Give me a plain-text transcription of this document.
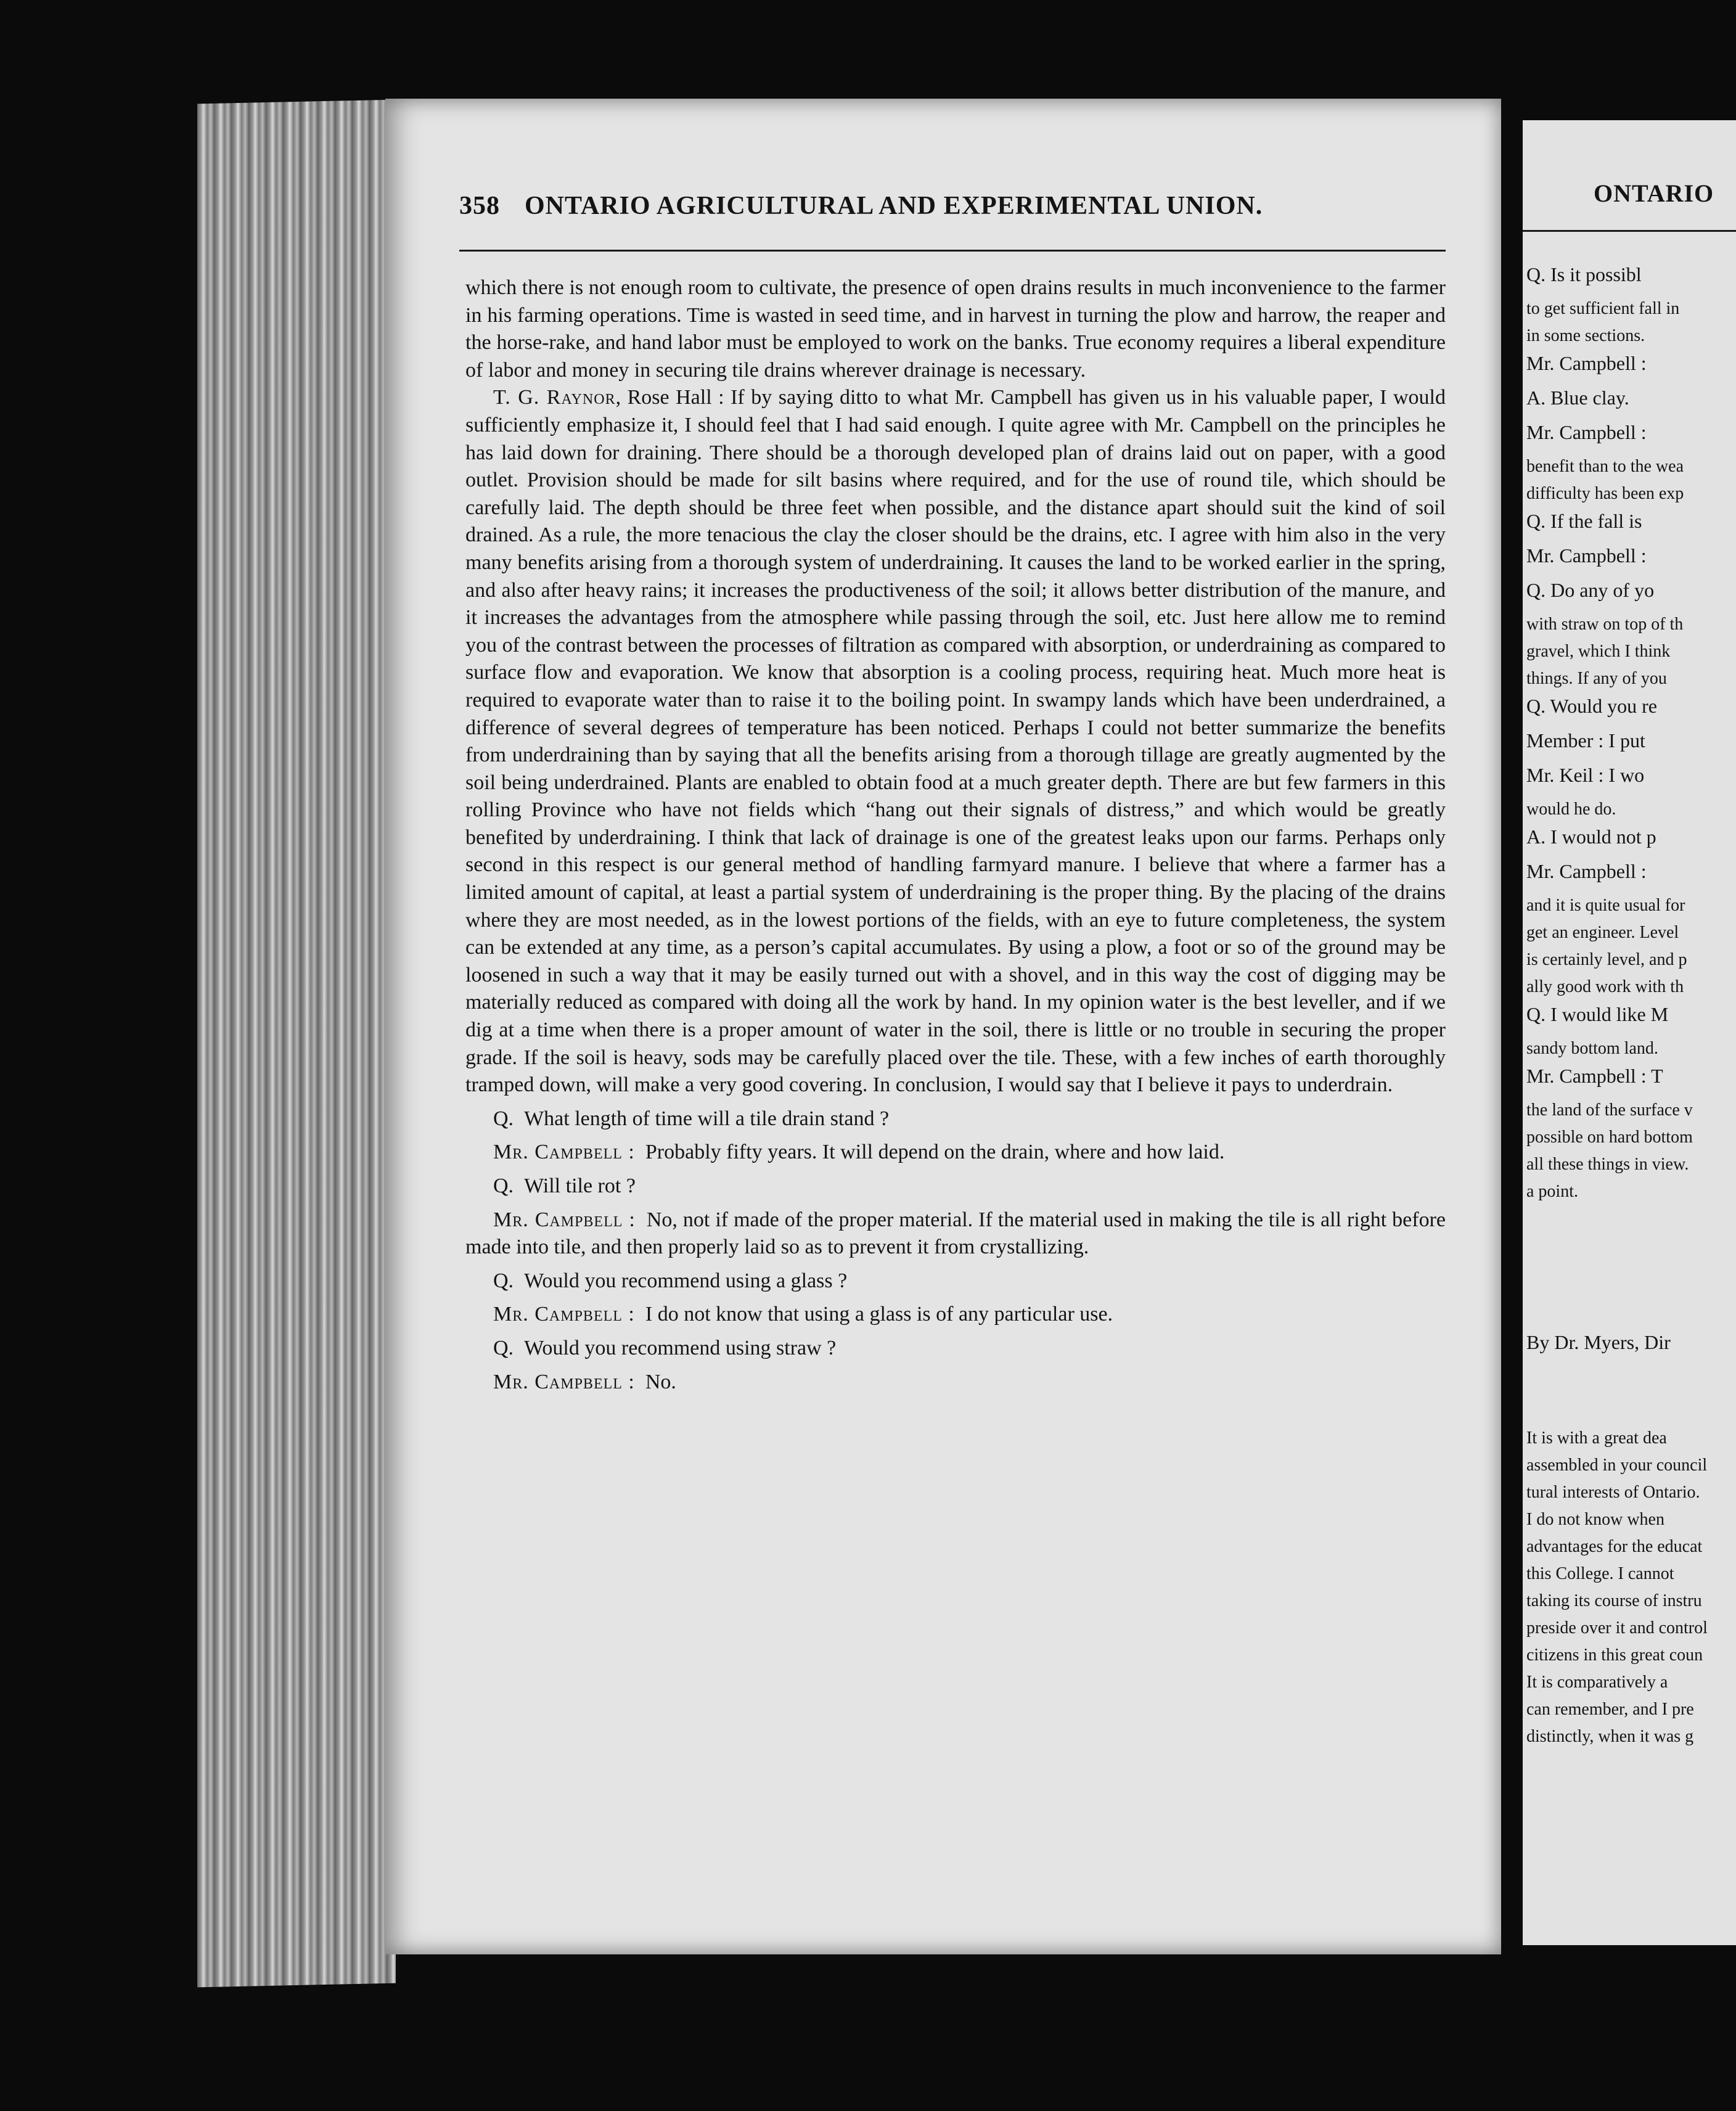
358 ONTARIO AGRICULTURAL AND EXPERIMENTAL UNION.

which there is not enough room to cultivate, the presence of open drains results in much inconvenience to the farmer in his farming operations. Time is wasted in seed time, and in harvest in turning the plow and harrow, the reaper and the horse-rake, and hand labor must be employed to work on the banks. True economy requires a liberal expenditure of labor and money in securing tile drains wherever drainage is necessary.

T. G. Raynor, Rose Hall : If by saying ditto to what Mr. Campbell has given us in his valuable paper, I would sufficiently emphasize it, I should feel that I had said enough. I quite agree with Mr. Campbell on the principles he has laid down for draining. There should be a thorough developed plan of drains laid out on paper, with a good outlet. Provision should be made for silt basins where required, and for the use of round tile, which should be carefully laid. The depth should be three feet when possible, and the distance apart should suit the kind of soil drained. As a rule, the more tenacious the clay the closer should be the drains, etc. I agree with him also in the very many benefits arising from a thorough system of underdraining. It causes the land to be worked earlier in the spring, and also after heavy rains; it increases the productiveness of the soil; it allows better distribution of the manure, and it increases the advantages from the atmosphere while passing through the soil, etc. Just here allow me to remind you of the contrast between the processes of filtration as compared with absorption, or underdraining as compared to surface flow and evaporation. We know that absorption is a cooling process, requiring heat. Much more heat is required to evaporate water than to raise it to the boiling point. In swampy lands which have been underdrained, a difference of several degrees of temperature has been noticed. Perhaps I could not better summarize the benefits from underdraining than by saying that all the benefits arising from a thorough tillage are greatly augmented by the soil being underdrained. Plants are enabled to obtain food at a much greater depth. There are but few farmers in this rolling Province who have not fields which “hang out their signals of distress,” and which would be greatly benefited by underdraining. I think that lack of drainage is one of the greatest leaks upon our farms. Perhaps only second in this respect is our general method of handling farmyard manure. I believe that where a farmer has a limited amount of capital, at least a partial system of underdraining is the proper thing. By the placing of the drains where they are most needed, as in the lowest portions of the fields, with an eye to future completeness, the system can be extended at any time, as a person’s capital accumulates. By using a plow, a foot or so of the ground may be loosened in such a way that it may be easily turned out with a shovel, and in this way the cost of digging may be materially reduced as compared with doing all the work by hand. In my opinion water is the best leveller, and if we dig at a time when there is a proper amount of water in the soil, there is little or no trouble in securing the proper grade. If the soil is heavy, sods may be carefully placed over the tile. These, with a few inches of earth thoroughly tramped down, will make a very good covering. In conclusion, I would say that I believe it pays to underdrain.

Q. What length of time will a tile drain stand ?

Mr. Campbell : Probably fifty years. It will depend on the drain, where and how laid.

Q. Will tile rot ?

Mr. Campbell : No, not if made of the proper material. If the material used in making the tile is all right before made into tile, and then properly laid so as to prevent it from crystallizing.

Q. Would you recommend using a glass ?

Mr. Campbell : I do not know that using a glass is of any particular use.

Q. Would you recommend using straw ?

Mr. Campbell : No.

ONTARIO
Q. Is it possibl
to get sufficient fall in
in some sections.
Mr. Campbell :
A. Blue clay.
Mr. Campbell :
benefit than to the wea
difficulty has been exp
Q. If the fall is
Mr. Campbell :
Q. Do any of yo
with straw on top of th
gravel, which I think
things. If any of you
Q. Would you re
Member : I put
Mr. Keil : I wo
would he do.
A. I would not p
Mr. Campbell :
and it is quite usual for
get an engineer. Level
is certainly level, and p
ally good work with th
Q. I would like M
sandy bottom land.
Mr. Campbell : T
the land of the surface v
possible on hard bottom
all these things in view.
a point.
By Dr. Myers, Dir
It is with a great dea
assembled in your council
tural interests of Ontario.
I do not know when
advantages for the educat
this College. I cannot
taking its course of instru
preside over it and control
citizens in this great coun
It is comparatively a
can remember, and I pre
distinctly, when it was g
